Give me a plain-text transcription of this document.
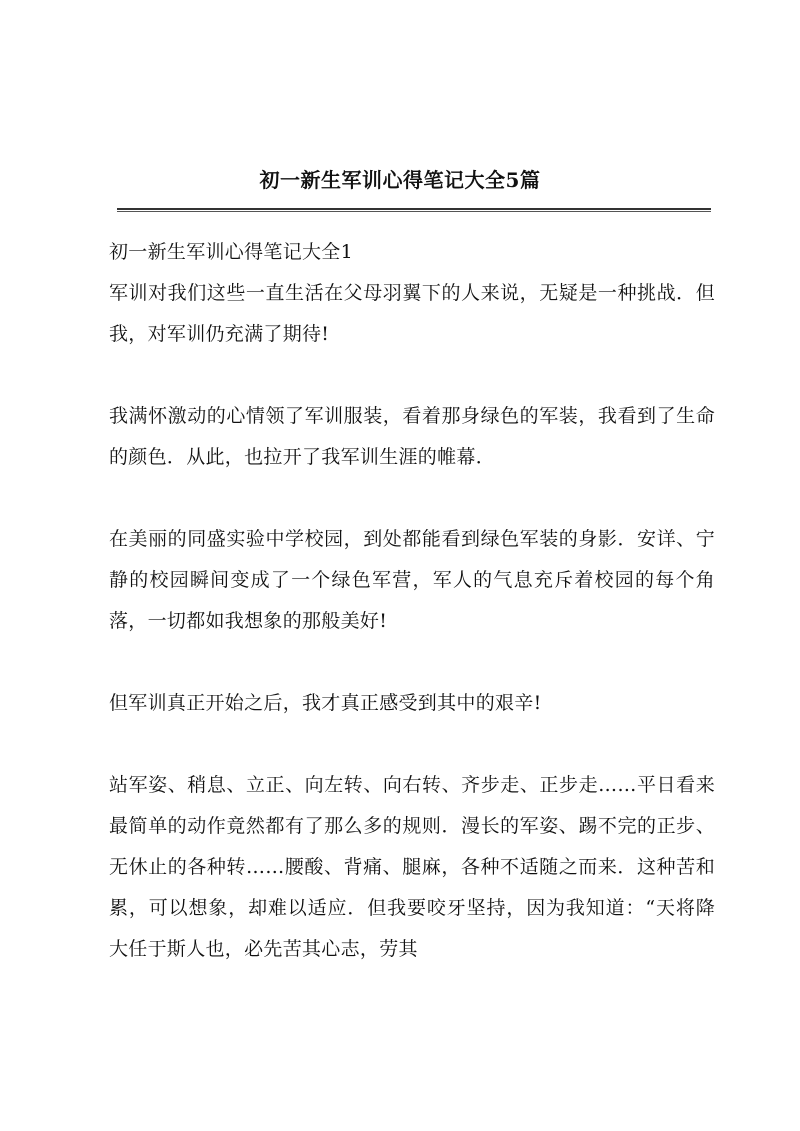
初一新生军训心得笔记大全5篇

初一新生军训心得笔记大全1

军训对我们这些一直生活在父母羽翼下的人来说，无疑是一种挑战．但我，对军训仍充满了期待!

我满怀激动的心情领了军训服装，看着那身绿色的军装，我看到了生命的颜色．从此，也拉开了我军训生涯的帷幕．

在美丽的同盛实验中学校园，到处都能看到绿色军装的身影．安详、宁静的校园瞬间变成了一个绿色军营，军人的气息充斥着校园的每个角落，一切都如我想象的那般美好!

但军训真正开始之后，我才真正感受到其中的艰辛!

站军姿、稍息、立正、向左转、向右转、齐步走、正步走……平日看来最简单的动作竟然都有了那么多的规则．漫长的军姿、踢不完的正步、无休止的各种转……腰酸、背痛、腿麻，各种不适随之而来．这种苦和累，可以想象，却难以适应．但我要咬牙坚持，因为我知道：“天将降大任于斯人也，必先苦其心志，劳其
